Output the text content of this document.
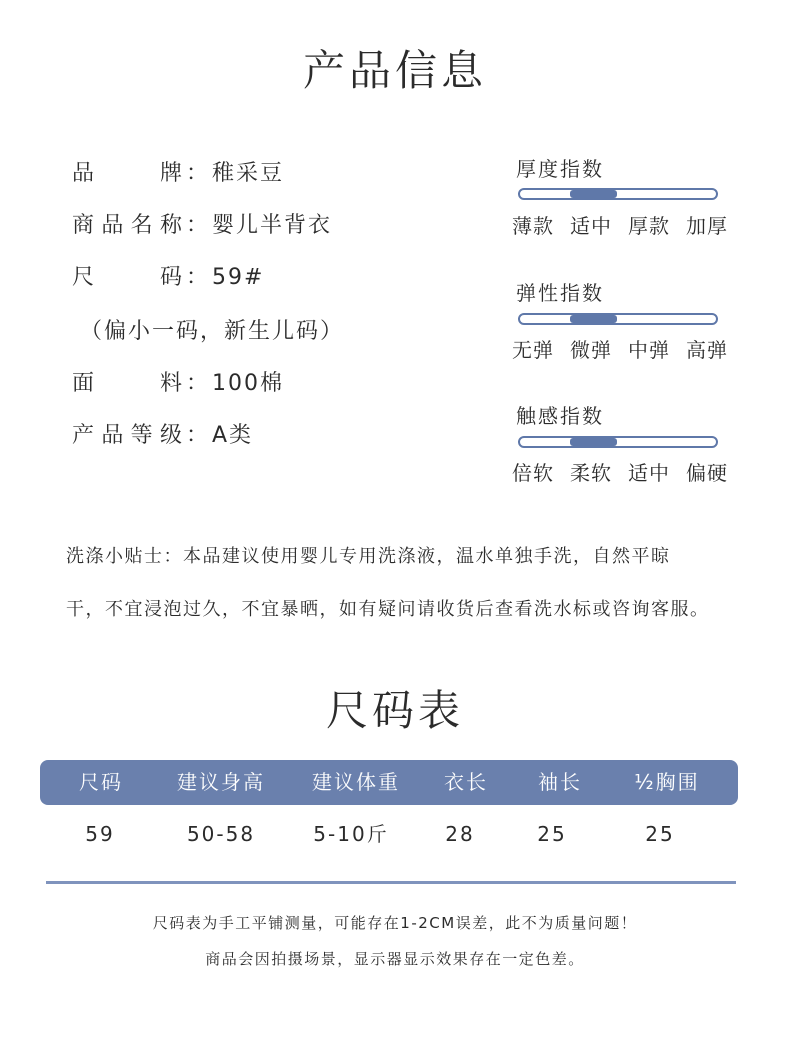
产品信息
品牌：稚采豆
商品名称：婴儿半背衣
尺码：59#
（偏小一码，新生儿码）
面料：100棉
产品等级：A类
厚度指数
薄款 适中 厚款 加厚
弹性指数
无弹 微弹 中弹 高弹
触感指数
倍软 柔软 适中 偏硬
洗涤小贴士：本品建议使用婴儿专用洗涤液，温水单独手洗，自然平晾
干，不宜浸泡过久，不宜暴晒，如有疑问请收货后查看洗水标或咨询客服。
尺码表
尺码	建议身高	建议体重	衣长	袖长	½胸围
59	50-58	5-10斤	28	25	25
尺码表为手工平铺测量，可能存在1-2CM误差，此不为质量问题！
商品会因拍摄场景，显示器显示效果存在一定色差。
